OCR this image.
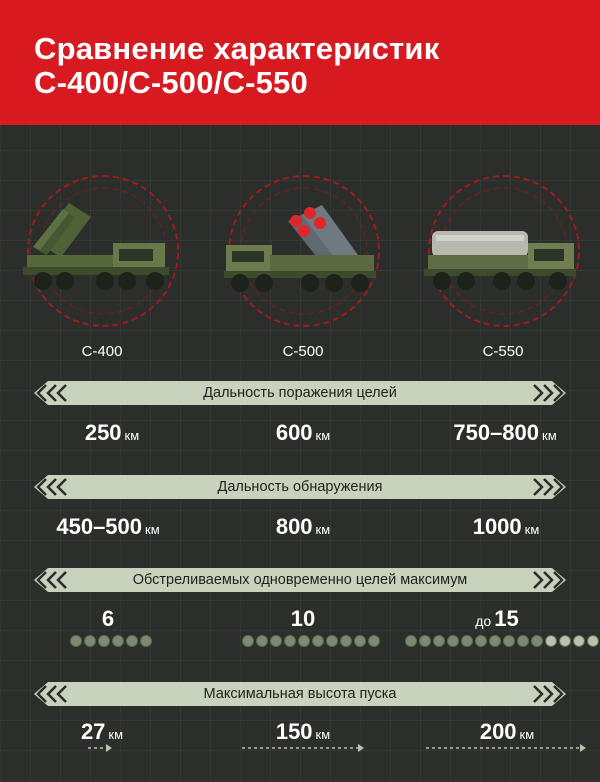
Сравнение характеристик
С-400/С-500/С-550
С-400	С-500	С-550
Дальность поражения целей
250 км	600 км	750–800 км
Дальность обнаружения
450–500 км	800 км	1000 км
Обстреливаемых одновременно целей максимум
6	10	до 15
Максимальная высота пуска
27 км	150 км	200 км
